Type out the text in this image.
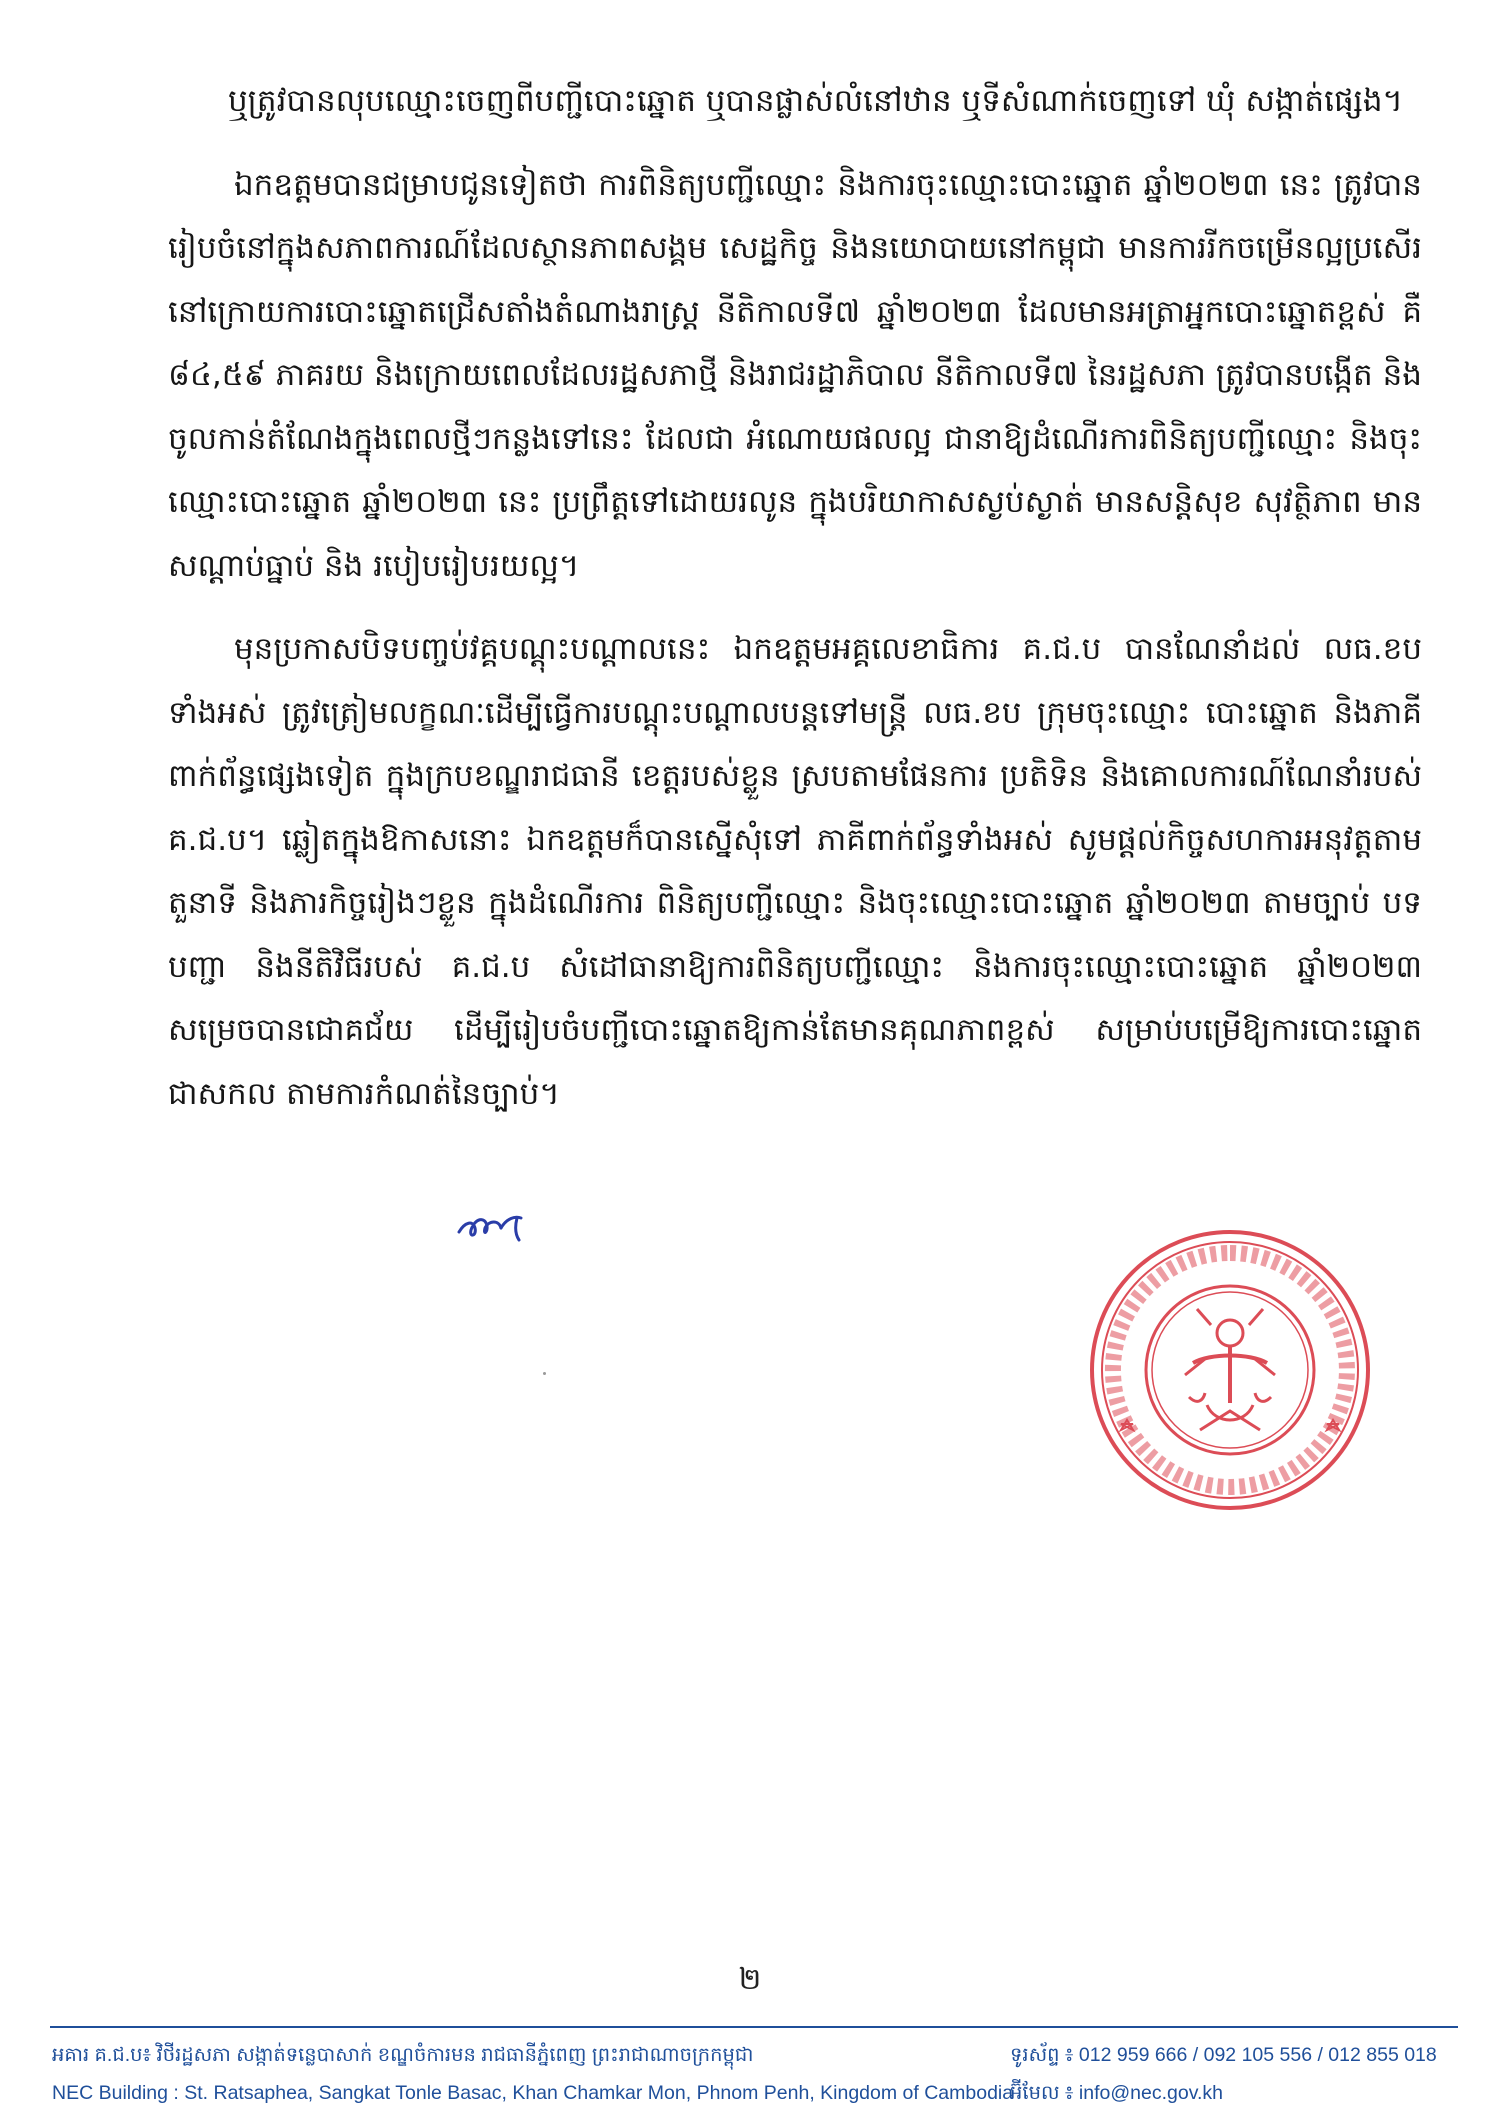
ឬត្រូវបានលុបឈ្មោះចេញពីបញ្ជីបោះឆ្នោត ឬបានផ្លាស់លំនៅឋាន ឬទីសំណាក់ចេញទៅ ឃុំ សង្កាត់ផ្សេង។

ឯកឧត្តមបានជម្រាបជូនទៀតថា ការពិនិត្យបញ្ជីឈ្មោះ និងការចុះឈ្មោះបោះឆ្នោត ឆ្នាំ២០២៣ នេះ ត្រូវបានរៀបចំនៅក្នុងសភាពការណ៍ដែលស្ថានភាពសង្គម សេដ្ឋកិច្ច និងនយោបាយនៅកម្ពុជា មានការរីកចម្រើនល្អប្រសើរ នៅក្រោយការបោះឆ្នោតជ្រើសតាំងតំណាងរាស្រ្ត នីតិកាលទី៧ ឆ្នាំ២០២៣ ដែលមានអត្រាអ្នកបោះឆ្នោតខ្ពស់ គឺ ៨៤,៥៩ ភាគរយ និងក្រោយពេលដែលរដ្ឋសភាថ្មី និងរាជរដ្ឋាភិបាល នីតិកាលទី៧ នៃរដ្ឋសភា ត្រូវបានបង្កើត និងចូលកាន់តំណែងក្នុងពេលថ្មីៗកន្លងទៅនេះ ដែលជា អំណោយផលល្អ ជានាឱ្យដំណើរការពិនិត្យបញ្ជីឈ្មោះ និងចុះឈ្មោះបោះឆ្នោត ឆ្នាំ២០២៣ នេះ ប្រព្រឹត្តទៅដោយរលូន ក្នុងបរិយាកាសស្ងប់ស្ងាត់ មានសន្តិសុខ សុវត្ថិភាព មានសណ្តាប់ធ្នាប់ និង របៀបរៀបរយល្អ។

មុនប្រកាសបិទបញ្ចប់វគ្គបណ្តុះបណ្តាលនេះ ឯកឧត្តមអគ្គលេខាធិការ គ.ជ.ប បានណែនាំដល់ លធ.ខប ទាំងអស់ ត្រូវត្រៀមលក្ខណៈដើម្បីធ្វើការបណ្តុះបណ្តាលបន្តទៅមន្ត្រី លធ.ខប ក្រុមចុះឈ្មោះ បោះឆ្នោត និងភាគីពាក់ព័ន្ធផ្សេងទៀត ក្នុងក្របខណ្ឌរាជធានី ខេត្តរបស់ខ្លួន ស្របតាមផែនការ ប្រតិទិន និងគោលការណ៍ណែនាំរបស់ គ.ជ.ប។ ឆ្លៀតក្នុងឱកាសនោះ ឯកឧត្តមក៏បានស្នើសុំទៅ ភាគីពាក់ព័ន្ធទាំងអស់ សូមផ្តល់កិច្ចសហការអនុវត្តតាមតួនាទី និងភារកិច្ចរៀងៗខ្លួន ក្នុងដំណើរការ ពិនិត្យបញ្ជីឈ្មោះ និងចុះឈ្មោះបោះឆ្នោត ឆ្នាំ២០២៣ តាមច្បាប់ បទបញ្ជា និងនីតិវិធីរបស់ គ.ជ.ប សំដៅធានាឱ្យការពិនិត្យបញ្ជីឈ្មោះ និងការចុះឈ្មោះបោះឆ្នោត ឆ្នាំ២០២៣ សម្រេចបានជោគជ័យ ដើម្បីរៀបចំបញ្ជីបោះឆ្នោតឱ្យកាន់តែមានគុណភាពខ្ពស់ សម្រាប់បម្រើឱ្យការបោះឆ្នោតជាសកល តាមការកំណត់នៃច្បាប់។

២
អគារ គ.ជ.ប៖ វិថីរដ្ឋសភា សង្កាត់ទន្លេបាសាក់ ខណ្ឌចំការមន រាជធានីភ្នំពេញ ព្រះរាជាណាចក្រកម្ពុជា	ទូរស័ព្ទ ៖ 012 959 666 / 092 105 556 / 012 855 018
NEC Building : St. Ratsaphea, Sangkat Tonle Basac, Khan Chamkar Mon, Phnom Penh, Kingdom of Cambodia
អ៊ីមែល ៖ info@nec.gov.kh
